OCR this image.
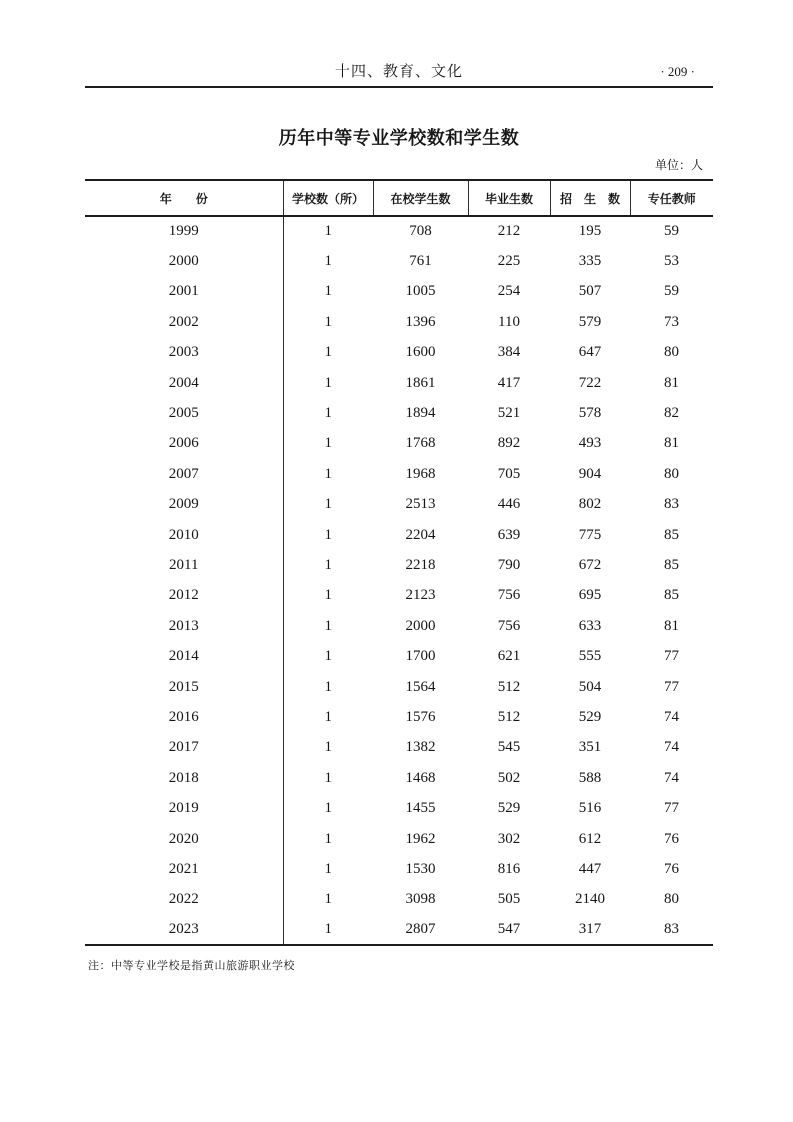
十四、教育、文化	· 209 ·
历年中等专业学校数和学生数
单位：人
年　　份	学校数（所）	在校学生数	毕业生数	招　生　数	专任教师
1999	1	708	212	195	59
2000	1	761	225	335	53
2001	1	1005	254	507	59
2002	1	1396	110	579	73
2003	1	1600	384	647	80
2004	1	1861	417	722	81
2005	1	1894	521	578	82
2006	1	1768	892	493	81
2007	1	1968	705	904	80
2009	1	2513	446	802	83
2010	1	2204	639	775	85
2011	1	2218	790	672	85
2012	1	2123	756	695	85
2013	1	2000	756	633	81
2014	1	1700	621	555	77
2015	1	1564	512	504	77
2016	1	1576	512	529	74
2017	1	1382	545	351	74
2018	1	1468	502	588	74
2019	1	1455	529	516	77
2020	1	1962	302	612	76
2021	1	1530	816	447	76
2022	1	3098	505	2140	80
2023	1	2807	547	317	83
注：中等专业学校是指黄山旅游职业学校
